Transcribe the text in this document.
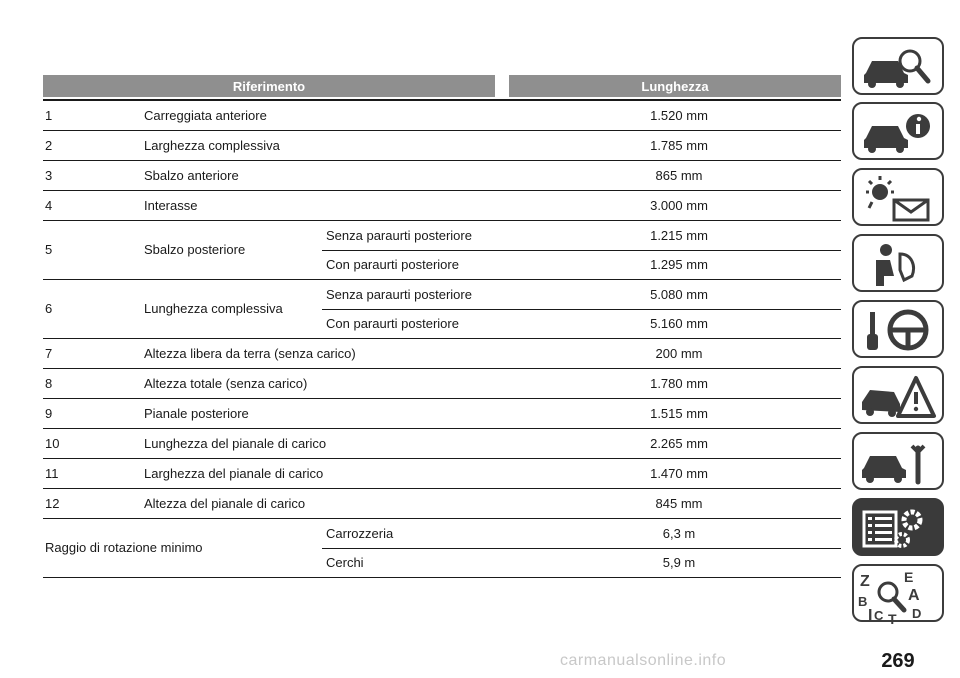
Riferimento	Lunghezza
1	Carreggiata anteriore	1.520 mm
2	Larghezza complessiva	1.785 mm
3	Sbalzo anteriore	865 mm
4	Interasse	3.000 mm
5	Sbalzo posteriore
Senza paraurti posteriore	1.215 mm
Con paraurti posteriore	1.295 mm
6	Lunghezza complessiva
Senza paraurti posteriore	5.080 mm
Con paraurti posteriore	5.160 mm
7	Altezza libera da terra (senza carico)	200 mm
8	Altezza totale (senza carico)	1.780 mm
9	Pianale posteriore	1.515 mm
10	Lunghezza del pianale di carico	2.265 mm
11	Larghezza del pianale di carico	1.470 mm
12	Altezza del pianale di carico	845 mm
Raggio di rotazione minimo
Carrozzeria	6,3 m
Cerchi	5,9 m
Z E
B	A
I C T D
carmanualsonline.info	269
